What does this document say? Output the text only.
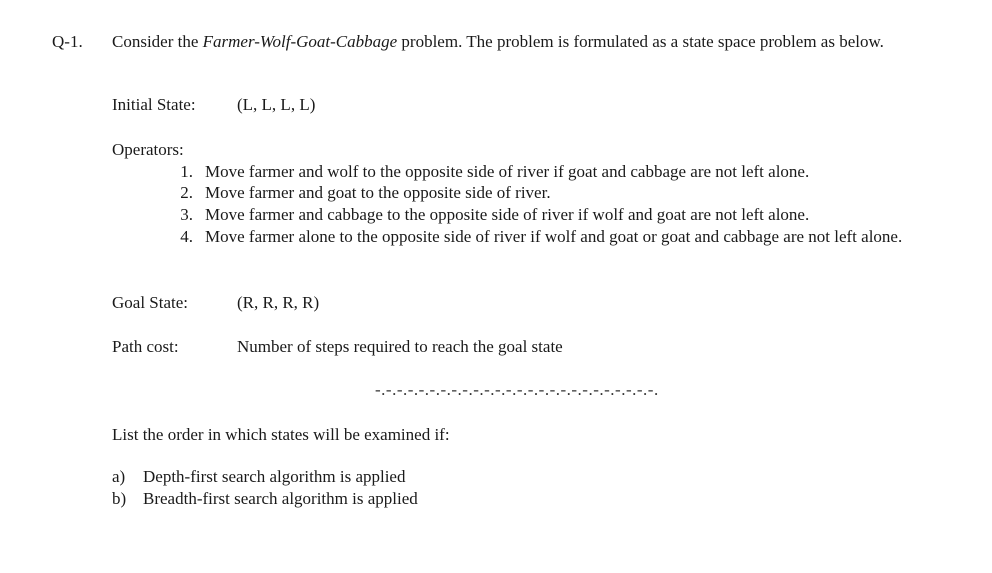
Q-1. Consider the Farmer-Wolf-Goat-Cabbage problem. The problem is formulated as a state space problem as below.
Initial State: (L, L, L, L)
Operators:
1. Move farmer and wolf to the opposite side of river if goat and cabbage are not left alone.
2. Move farmer and goat to the opposite side of river.
3. Move farmer and cabbage to the opposite side of river if wolf and goat are not left alone.
4. Move farmer alone to the opposite side of river if wolf and goat or goat and cabbage are not left alone.
Goal State:	(R, R, R, R)
Path cost:	Number of steps required to reach the goal state
-.-.-.-.-.-.-.-.-.-.-.-.-.-.-.-.-.-.-.-.-.-.-.-.-.-.
List the order in which states will be examined if:
a) Depth-first search algorithm is applied
b) Breadth-first search algorithm is applied
